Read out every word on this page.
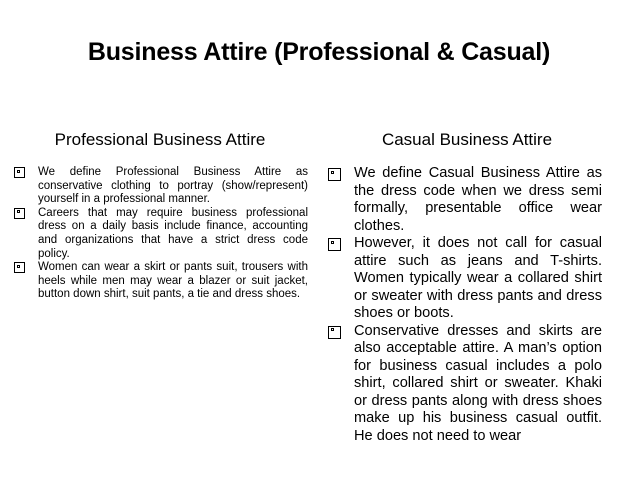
Business Attire (Professional & Casual)
Professional Business Attire	Casual Business Attire
We define Professional Business Attire as conservative clothing to portray (show/represent) yourself in a professional manner.
Careers that may require business professional dress on a daily basis include finance, accounting and organizations that have a strict dress code policy.
Women can wear a skirt or pants suit, trousers with heels while men may wear a blazer or suit jacket, button down shirt, suit pants, a tie and dress shoes.
We define Casual Business Attire as the dress code when we dress semi formally, presentable office wear clothes.
However, it does not call for casual attire such as jeans and T-shirts. Women typically wear a collared shirt or sweater with dress pants and dress shoes or boots.
Conservative dresses and skirts are also acceptable attire. A man’s option for business casual includes a polo shirt, collared shirt or sweater. Khaki or dress pants along with dress shoes make up his business casual outfit. He does not need to wear
